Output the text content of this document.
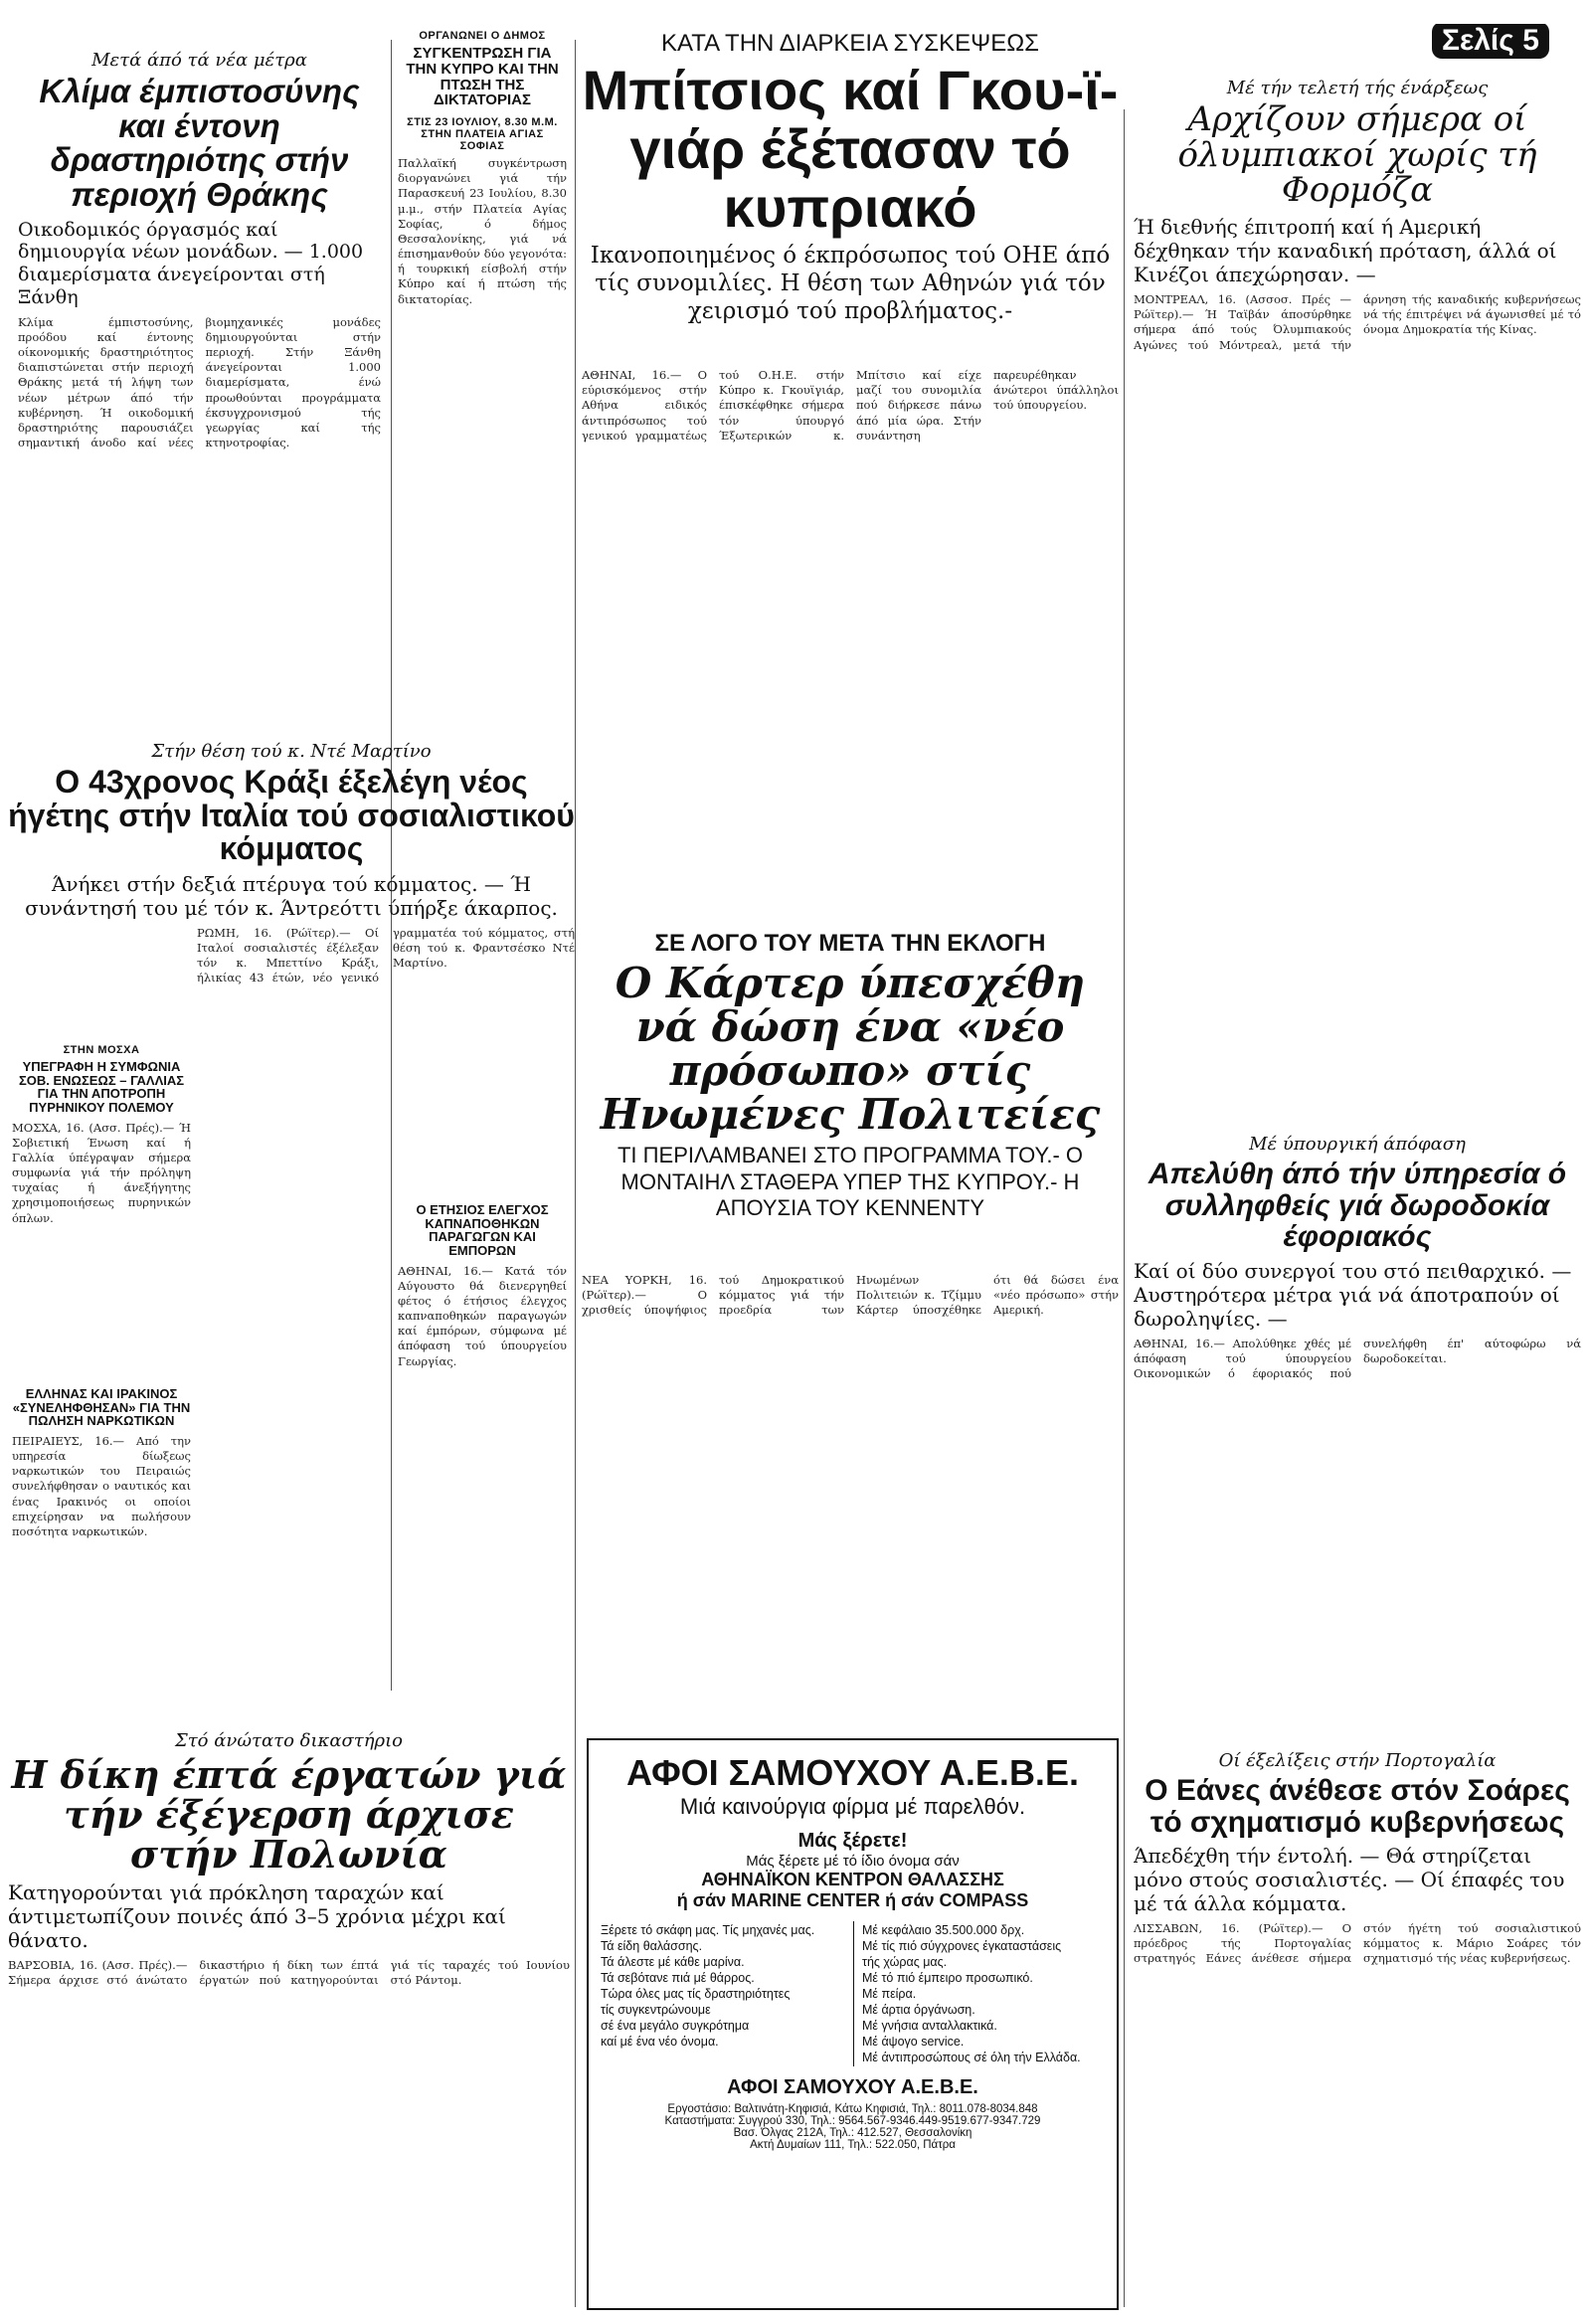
Σελίς 5

Μετά άπό τά νέα μέτρα

Κλίμα έμπιστοσύνης και έντονη δραστηριότης στήν περιοχή Θράκης

Οικοδομικός όργασμός καί δημιουργία νέων μονάδων. — 1.000 διαμερίσματα άνεγείρονται στή Ξάνθη

Κλίμα έμπιστοσύνης, προόδου καί έντονης οίκονομικής δραστηριότητος διαπιστώνεται στήν περιοχή Θράκης μετά τή λήψη των νέων μέτρων άπό τήν κυβέρνηση. Ή οικοδομική δραστηριότης παρουσιάζει σημαντική άνοδο καί νέες βιομηχανικές μονάδες δημιουργούνται στήν περιοχή. Στήν Ξάνθη άνεγείρονται 1.000 διαμερίσματα, ένώ προωθούνται προγράμματα έκσυγχρονισμού τής γεωργίας καί τής κτηνοτροφίας.

ΟΡΓΑΝΩΝΕΙ Ο ΔΗΜΟΣ

ΣΥΓΚΕΝΤΡΩΣΗ ΓΙΑ ΤΗΝ ΚΥΠΡΟ ΚΑΙ ΤΗΝ ΠΤΩΣΗ ΤΗΣ ΔΙΚΤΑΤΟΡΙΑΣ

ΣΤΙΣ 23 ΙΟΥΛΙΟΥ, 8.30 Μ.Μ. ΣΤΗΝ ΠΛΑΤΕΙΑ ΑΓΙΑΣ ΣΟΦΙΑΣ

Παλλαϊκή συγκέντρωση διοργανώνει γιά τήν Παρασκευή 23 Ιουλίου, 8.30 μ.μ., στήν Πλατεία Αγίας Σοφίας, ό δήμος Θεσσαλονίκης, γιά νά έπισημανθούν δύο γεγονότα: ή τουρκική είσβολή στήν Κύπρο καί ή πτώση τής δικτατορίας.
Ο ΕΤΗΣΙΟΣ ΕΛΕΓΧΟΣ ΚΑΠΝΑΠΟΘΗΚΩΝ ΠΑΡΑΓΩΓΩΝ ΚΑΙ ΕΜΠΟΡΩΝ
ΑΘΗΝΑΙ, 16.— Κατά τόν Αύγουστο θά διενεργηθεί φέτος ό έτήσιος έλεγχος καπναποθηκών παραγωγών καί έμπόρων, σύμφωνα μέ άπόφαση τού ύπουργείου Γεωργίας.

Στήν θέση τού κ. Ντέ Μαρτίνο

Ο 43χρονος Κράξι έξελέγη νέος ήγέτης στήν Ιταλία τού σοσιαλιστικού κόμματος

Άνήκει στήν δεξιά πτέρυγα τού κόμματος. — Ή συνάντησή του μέ τόν κ. Άντρεόττι ύπήρξε άκαρπος.

ΡΩΜΗ, 16. (Ρώϊτερ).— Οί Ιταλοί σοσιαλιστές έξέλεξαν τόν κ. Μπεττίνο Κράξι, ήλικίας 43 έτών, νέο γενικό γραμματέα τού κόμματος, στή θέση τού κ. Φραντσέσκο Ντέ Μαρτίνο.

ΣΤΗΝ ΜΟΣΧΑ

ΥΠΕΓΡΑΦΗ Η ΣΥΜΦΩΝΙΑ ΣΟΒ. ΕΝΩΣΕΩΣ – ΓΑΛΛΙΑΣ ΓΙΑ ΤΗΝ ΑΠΟΤΡΟΠΗ ΠΥΡΗΝΙΚΟΥ ΠΟΛΕΜΟΥ
ΜΟΣΧΑ, 16. (Ασσ. Πρές).— Ή Σοβιετική Ένωση καί ή Γαλλία ύπέγραψαν σήμερα συμφωνία γιά τήν πρόληψη τυχαίας ή άνεξήγητης χρησιμοποιήσεως πυρηνικών όπλων.
ΕΛΛΗΝΑΣ ΚΑΙ ΙΡΑΚΙΝΟΣ «ΣΥΝΕΛΗΦΘΗΣΑΝ» ΓΙΑ ΤΗΝ ΠΩΛΗΣΗ ΝΑΡΚΩΤΙΚΩΝ
ΠΕΙΡΑΙΕΥΣ, 16.— Από την υπηρεσία δίωξεως ναρκωτικών του Πειραιώς συνελήφθησαν ο ναυτικός και ένας Ιρακινός οι οποίοι επιχείρησαν να πωλήσουν ποσότητα ναρκωτικών.

Στό άνώτατο δικαστήριο

Η δίκη έπτά έργατών γιά τήν έξέγερση άρχισε στήν Πολωνία

Κατηγορούνται γιά πρόκληση ταραχών καί άντιμετωπίζουν ποινές άπό 3–5 χρόνια μέχρι καί θάνατο.

ΒΑΡΣΟΒΙΑ, 16. (Ασσ. Πρές).— Σήμερα άρχισε στό άνώτατο δικαστήριο ή δίκη των έπτά έργατών πού κατηγορούνται γιά τίς ταραχές τού Ιουνίου στό Ράντομ.

ΚΑΤΑ ΤΗΝ ΔΙΑΡΚΕΙΑ ΣΥΣΚΕΨΕΩΣ

Μπίτσιος καί Γκου-ϊ-γιάρ έξέτασαν τό κυπριακό

Ικανοποιημένος ό έκπρόσωπος τού ΟΗΕ άπό τίς συνομιλίες. Η θέση των Αθηνών γιά τόν χειρισμό τού προβλήματος.-

ΑΘΗΝΑΙ, 16.— Ο εύρισκόμενος στήν Αθήνα ειδικός άντιπρόσωπος τού γενικού γραμματέως τού Ο.Η.Ε. στήν Κύπρο κ. Γκουϊγιάρ, έπισκέφθηκε σήμερα τόν ύπουργό Έξωτερικών κ. Μπίτσιο καί είχε μαζί του συνομιλία πού διήρκεσε πάνω άπό μία ώρα. Στήν συνάντηση παρευρέθηκαν άνώτεροι ύπάλληλοι τού ύπουργείου.

ΣΕ ΛΟΓΟ ΤΟΥ ΜΕΤΑ ΤΗΝ ΕΚΛΟΓΗ

Ο Κάρτερ ύπεσχέθη νά δώση ένα «νέο πρόσωπο» στίς Ηνωμένες Πολιτείες

ΤΙ ΠΕΡΙΛΑΜΒΑΝΕΙ ΣΤΟ ΠΡΟΓΡΑΜΜΑ ΤΟΥ.- Ο ΜΟΝΤΑΙΗΛ ΣΤΑΘΕΡΑ ΥΠΕΡ ΤΗΣ ΚΥΠΡΟΥ.- Η ΑΠΟΥΣΙΑ ΤΟΥ ΚΕΝΝΕΝΤΥ

ΝΕΑ ΥΟΡΚΗ, 16. (Ρώϊτερ).— Ο χρισθείς ύποψήφιος τού Δημοκρατικού κόμματος γιά τήν προεδρία των Ηνωμένων Πολιτειών κ. Τζίμμυ Κάρτερ ύποσχέθηκε ότι θά δώσει ένα «νέο πρόσωπο» στήν Αμερική.

Μέ τήν τελετή τής ένάρξεως

Αρχίζουν σήμερα οί όλυμπιακοί χωρίς τή Φορμόζα

Ή διεθνής έπιτροπή καί ή Αμερική δέχθηκαν τήν καναδική πρόταση, άλλά οί Κινέζοι άπεχώρησαν. —

ΜΟΝΤΡΕΑΛ, 16. (Ασσοσ. Πρές — Ρώϊτερ).— Ή Ταϊβάν άποσύρθηκε σήμερα άπό τούς Όλυμπιακούς Αγώνες τού Μόντρεαλ, μετά τήν άρνηση τής καναδικής κυβερνήσεως νά τής έπιτρέψει νά άγωνισθεί μέ τό όνομα Δημοκρατία τής Κίνας.

Μέ ύπουργική άπόφαση

Απελύθη άπό τήν ύπηρεσία ό συλληφθείς γιά δωροδοκία έφοριακός

Καί οί δύο συνεργοί του στό πειθαρχικό. — Αυστηρότερα μέτρα γιά νά άποτραπούν οί δωροληψίες. —

ΑΘΗΝΑΙ, 16.— Απολύθηκε χθές μέ άπόφαση τού ύπουργείου Οικονομικών ό έφοριακός πού συνελήφθη έπ' αύτοφώρω νά δωροδοκείται.

Οί έξελίξεις στήν Πορτογαλία

Ο Εάνες άνέθεσε στόν Σοάρες τό σχηματισμό κυβερνήσεως

Άπεδέχθη τήν έντολή. — Θά στηρίζεται μόνο στούς σοσιαλιστές. — Οί έπαφές του μέ τά άλλα κόμματα.

ΛΙΣΣΑΒΩΝ, 16. (Ρώϊτερ).— Ο πρόεδρος τής Πορτογαλίας στρατηγός Εάνες άνέθεσε σήμερα στόν ήγέτη τού σοσιαλιστικού κόμματος κ. Μάριο Σοάρες τόν σχηματισμό τής νέας κυβερνήσεως.
ΑΦΟΙ ΣΑΜΟΥΧΟΥ Α.Ε.Β.Ε.
Μιά καινούργια φίρμα μέ παρελθόν.
Μάς ξέρετε!
Μάς ξέρετε μέ τό ίδιο όνομα σάν
ΑΘΗΝΑΪΚΟΝ ΚΕΝΤΡΟΝ ΘΑΛΑΣΣΗΣ
ή σάν MARINE CENTER ή σάν COMPASS
Ξέρετε τό σκάφη μας. Τίς μηχανές μας.
Τά είδη θαλάσσης.
Τά άλεστε μέ κάθε μαρίνα.
Τά σεβότανε πιά μέ θάρρος.
Τώρα όλες μας τίς δραστηριότητες
τίς συγκεντρώνουμε
σέ ένα μεγάλο συγκρότημα
καί μέ ένα νέο όνομα.
Μέ κεφάλαιο 35.500.000 δρχ.
Μέ τίς πιό σύγχρονες έγκαταστάσεις
τής χώρας μας.
Μέ τό πιό έμπειρο προσωπικό.
Μέ πείρα.
Μέ άρτια όργάνωση.
Μέ γνήσια ανταλλακτικά.
Μέ άψογο service.
Μέ άντιπροσώπους σέ όλη τήν Ελλάδα.
ΑΦΟΙ ΣΑΜΟΥΧΟΥ Α.Ε.Β.Ε.
Εργοστάσιο: Βαλτινάτη-Κηφισιά, Κάτω Κηφισιά, Τηλ.: 8011.078-8034.848
Καταστήματα: Συγγρού 330, Τηλ.: 9564.567-9346.449-9519.677-9347.729
Βασ. Όλγας 212Α, Τηλ.: 412.527, Θεσσαλονίκη
Ακτή Δυμαίων 111, Τηλ.: 522.050, Πάτρα
